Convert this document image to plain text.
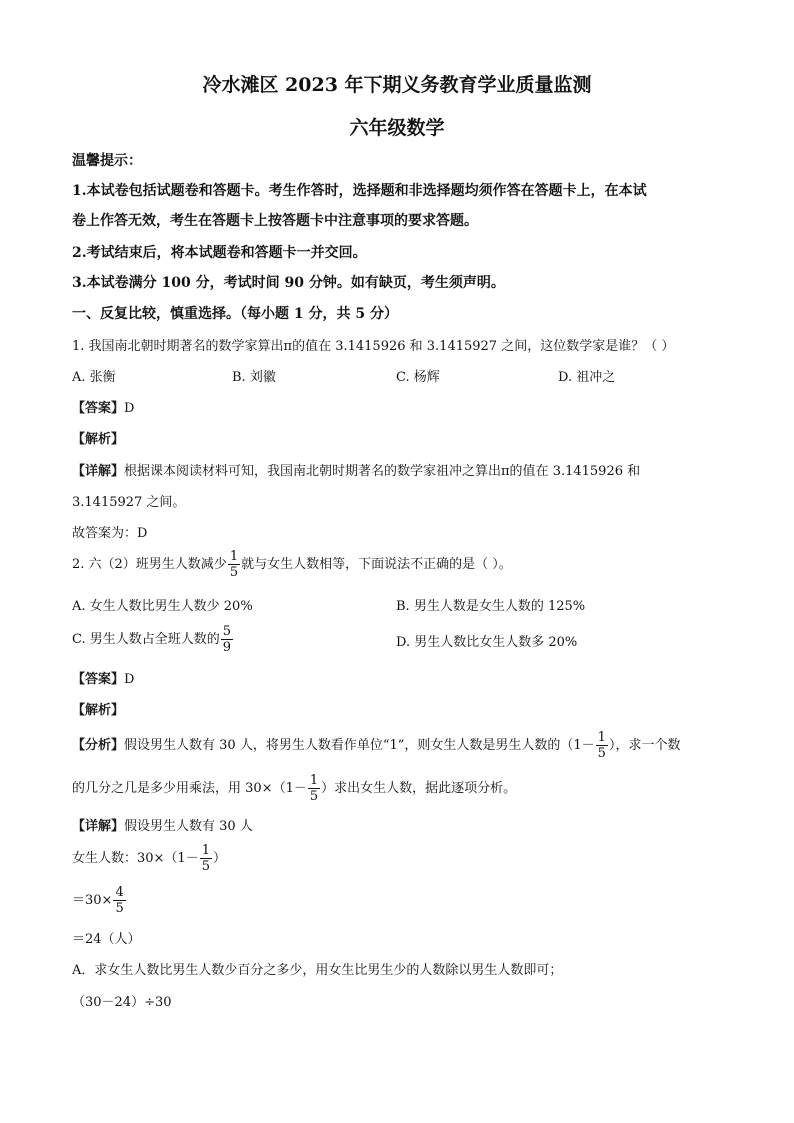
冷水滩区 2023 年下期义务教育学业质量监测
六年级数学
温馨提示：
1.本试卷包括试题卷和答题卡。考生作答时，选择题和非选择题均须作答在答题卡上，在本试
卷上作答无效，考生在答题卡上按答题卡中注意事项的要求答题。
2.考试结束后，将本试题卷和答题卡一并交回。
3.本试卷满分 100 分，考试时间 90 分钟。如有缺页，考生须声明。
一、反复比较，慎重选择。（每小题 1 分，共 5 分）
1. 我国南北朝时期著名的数学家算出π的值在 3.1415926 和 3.1415927 之间，这位数学家是谁？（ ）
A. 张衡	B. 刘徽	C. 杨辉	D. 祖冲之
【答案】D
【解析】
【详解】根据课本阅读材料可知，我国南北朝时期著名的数学家祖冲之算出π的值在 3.1415926 和
3.1415927 之间。
故答案为：D
2. 六（2）班男生人数减少 $\frac{1}{5}$ 就与女生人数相等，下面说法不正确的是（ ）。
A. 女生人数比男生人数少 20%	B. 男生人数是女生人数的 125%
C. 男生人数占全班人数的 $\frac{5}{9}$	D. 男生人数比女生人数多 20%
【答案】D
【解析】
【分析】假设男生人数有 30 人，将男生人数看作单位“1”，则女生人数是男生人数的（$1- \frac{1}{5}$ ），求一个数
的几分之几是多少用乘法，用 $30\times(1- \frac{1}{5}$ ）求出女生人数，据此逐项分析。
【详解】假设男生人数有 30 人
女生人数：$30\times(1- \frac{1}{5}$ ）
$=30\times \frac{4}{5}$
＝24（人）
A．求女生人数比男生人数少百分之多少，用女生比男生少的人数除以男生人数即可；
（30－24）÷30
